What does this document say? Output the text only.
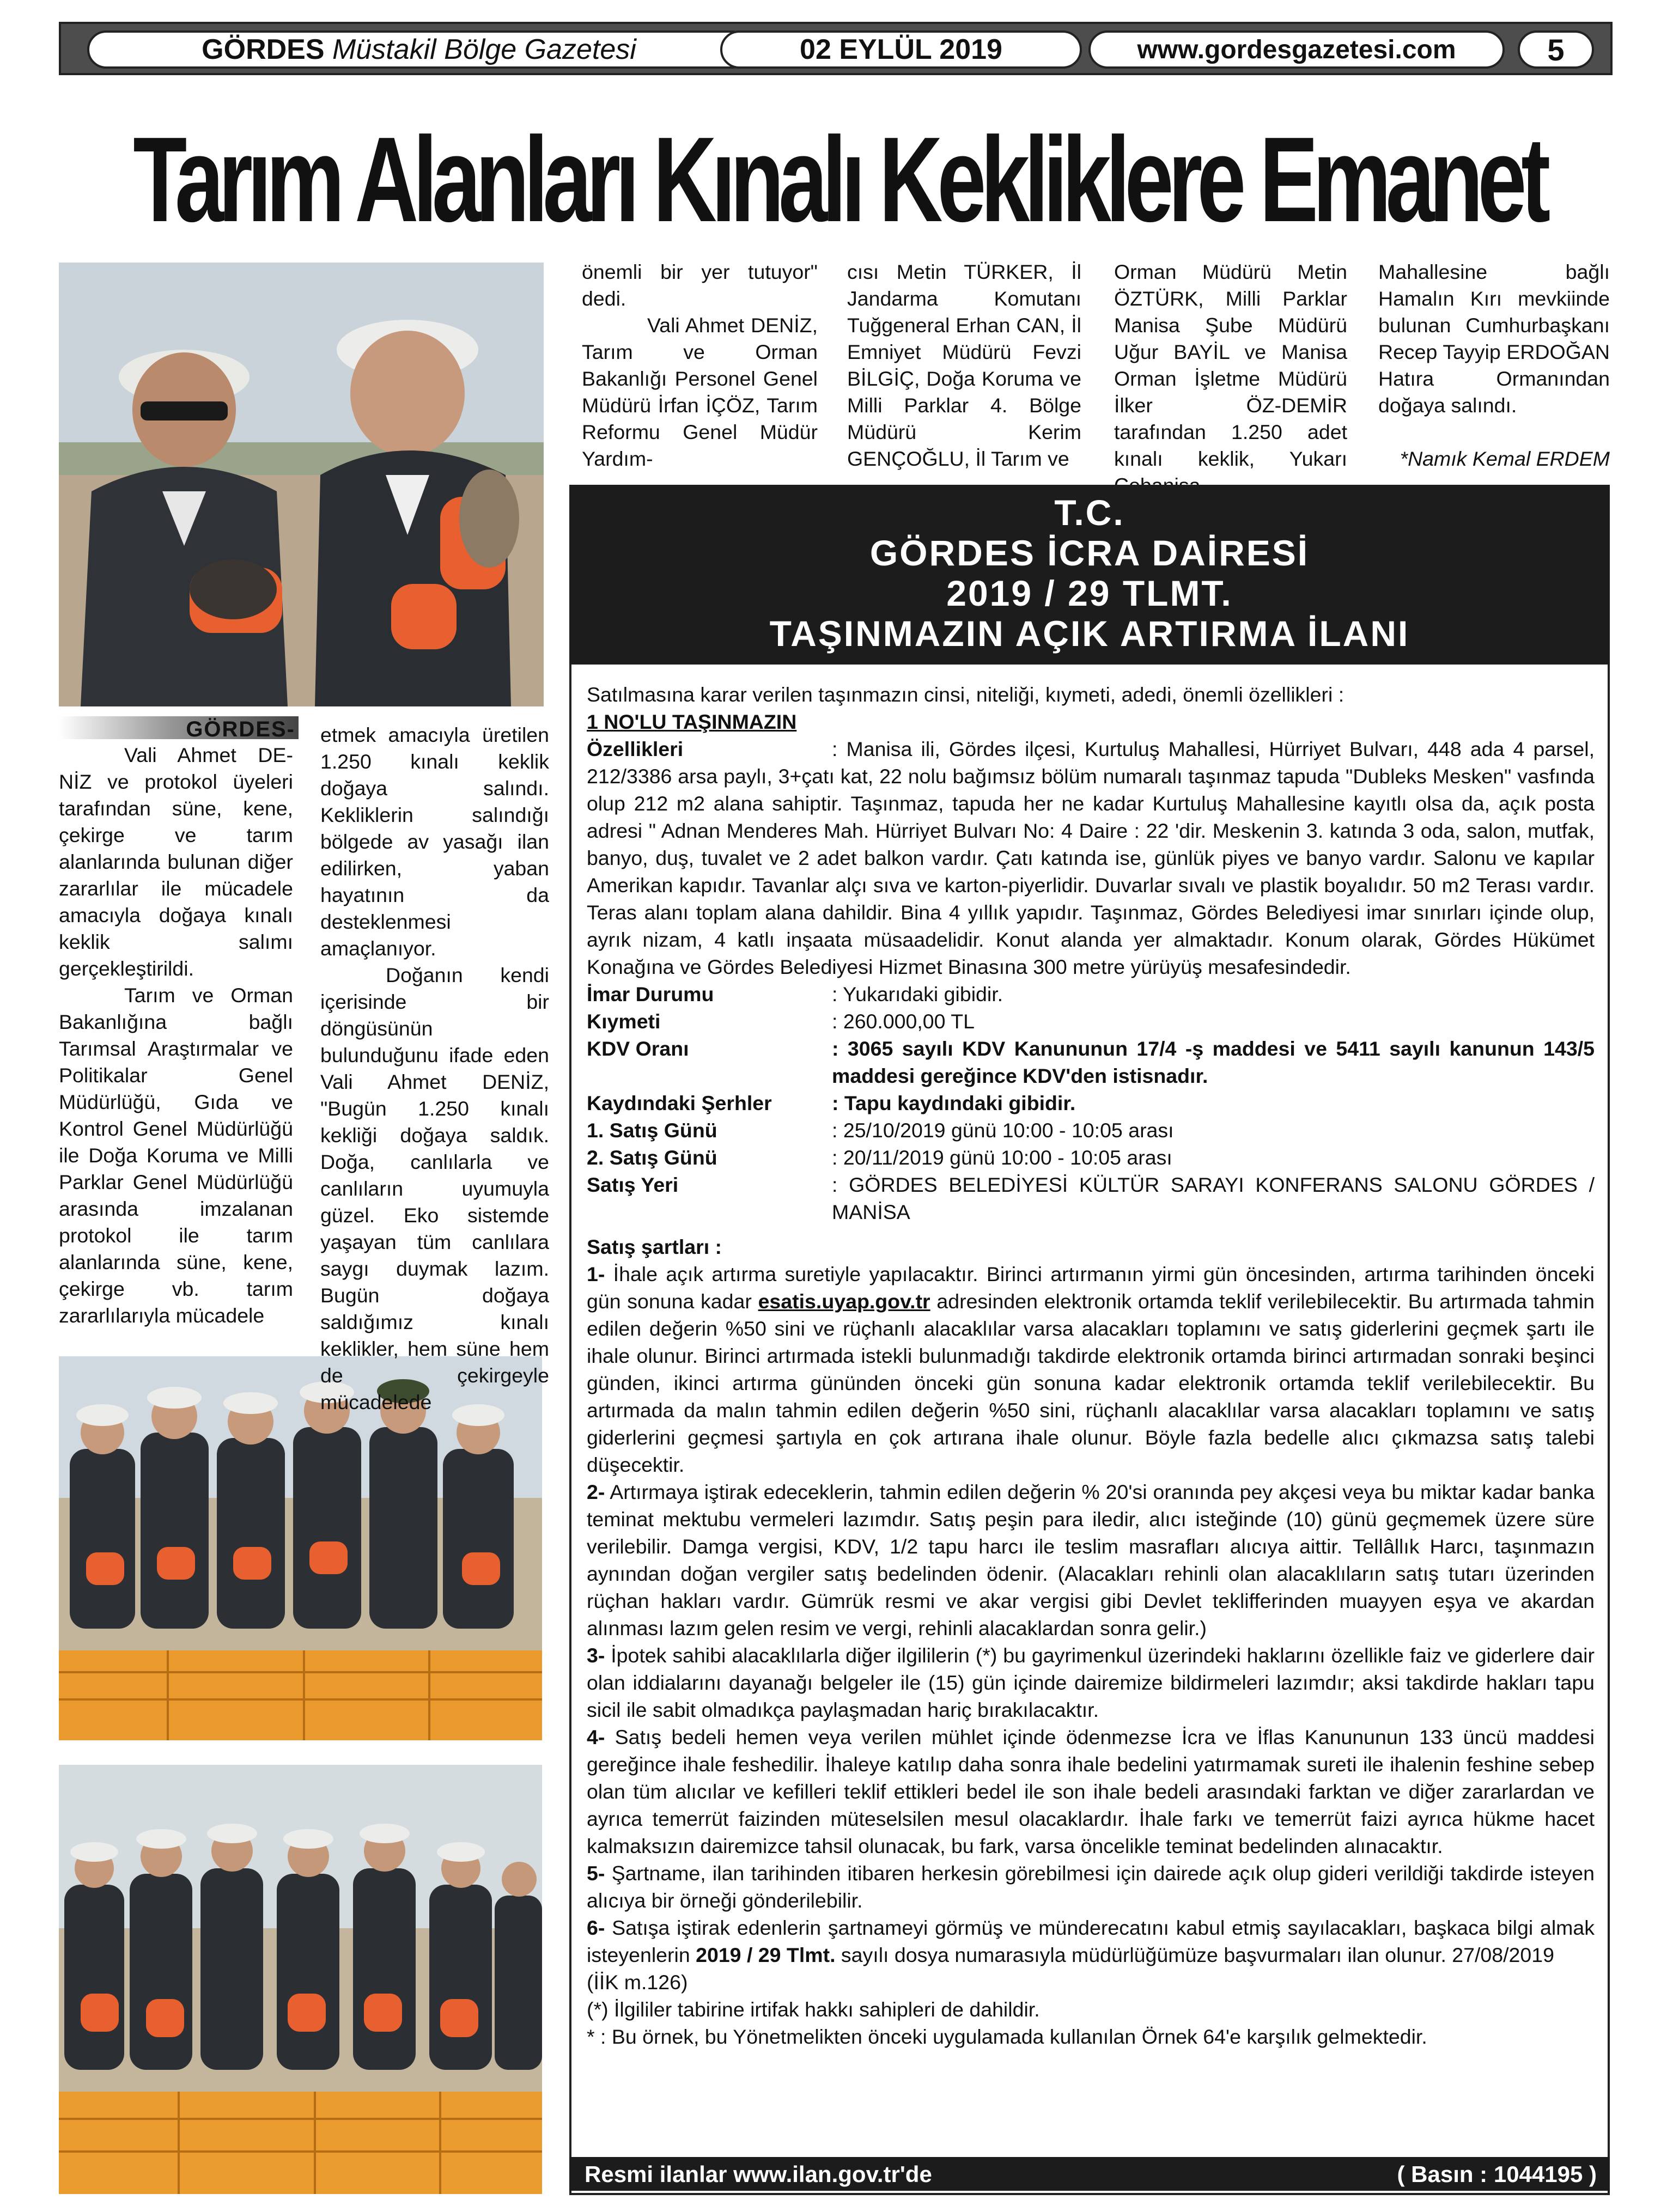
GÖRDES
Müstakil Bölge Gazetesi	02 EYLÜL 2019	www.gordesgazetesi.com	5
Tarım Alanları Kınalı Kekliklere Emanet
GÖRDES-

Vali Ahmet DE-NİZ ve protokol üyeleri tarafından süne, kene, çekirge ve tarım alanlarında bulunan diğer zararlılar ile mücadele amacıyla doğaya kınalı keklik salımı gerçekleştirildi.

Tarım ve Orman Bakanlığına bağlı Tarımsal Araştırmalar ve Politikalar Genel Müdürlüğü, Gıda ve Kontrol Genel Müdürlüğü ile Doğa Koruma ve Milli Parklar Genel Müdürlüğü arasında imzalanan protokol ile tarım alanlarında süne, kene, çekirge vb. tarım zararlılarıyla mücadele

etmek amacıyla üretilen 1.250 kınalı keklik doğaya salındı. Kekliklerin salındığı bölgede av yasağı ilan edilirken, yaban hayatının da desteklenmesi amaçlanıyor.

Doğanın kendi içerisinde bir döngüsünün bulunduğunu ifade eden Vali Ahmet DENİZ, "Bugün 1.250 kınalı kekliği doğaya saldık. Doğa, canlılarla ve canlıların uyumuyla güzel. Eko sistemde yaşayan tüm canlılara saygı duymak lazım. Bugün doğaya saldığımız kınalı keklikler, hem süne hem de çekirgeyle mücadelede

önemli bir yer tutuyor" dedi.

Vali Ahmet DENİZ, Tarım ve Orman Bakanlığı Personel Genel Müdürü İrfan İÇÖZ, Tarım Reformu Genel Müdür Yardım-

cısı Metin TÜRKER, İl Jandarma Komutanı Tuğgeneral Erhan CAN, İl Emniyet Müdürü Fevzi BİLGİÇ, Doğa Koruma ve Milli Parklar 4. Bölge Müdürü Kerim GENÇOĞLU, İl Tarım ve

Orman Müdürü Metin ÖZTÜRK, Milli Parklar Manisa Şube Müdürü Uğur BAYİL ve Manisa Orman İşletme Müdürü İlker ÖZ-DEMİR tarafından 1.250 adet kınalı keklik, Yukarı

Mahallesine bağlı Hamalın Kırı mevkiinde bulunan Cumhurbaşkanı Recep Tayyip ERDOĞAN Hatıra Ormanından doğaya salındı.

*Namık Kemal ERDEM

T.C.
GÖRDES İCRA DAİRESİ
2019 / 29 TLMT.
TAŞINMAZIN AÇIK ARTIRMA İLANI

Satılmasına karar verilen taşınmazın cinsi, niteliği, kıymeti, adedi, önemli özellikleri :

1 NO'LU TAŞINMAZIN

Özellikleri	: Manisa ili, Gördes ilçesi, Kurtuluş Mahallesi, Hürriyet Bulvarı, 448 ada 4 parsel, 212/3386 arsa paylı, 3+çatı kat, 22 nolu bağımsız bölüm numaralı taşınmaz tapuda "Dubleks Mesken" vasfında olup 212 m2 alana sahiptir. Taşınmaz, tapuda her ne kadar Kurtuluş Mahallesine kayıtlı olsa da, açık posta adresi " Adnan Menderes Mah. Hürriyet Bulvarı No: 4 Daire : 22 'dir. Meskenin 3. katında 3 oda, salon, mutfak, banyo, duş, tuvalet ve 2 adet balkon vardır. Çatı katında ise, günlük piyes ve banyo vardır. Salonu ve kapılar Amerikan kapıdır. Tavanlar alçı sıva ve karton-piyerlidir. Duvarlar sıvalı ve plastik boyalıdır. 50 m2 Terası vardır. Teras alanı toplam alana dahildir. Bina 4 yıllık yapıdır. Taşınmaz, Gördes Belediyesi imar sınırları içinde olup, ayrık nizam, 4 katlı inşaata müsaadelidir. Konut alanda yer almaktadır. Konum olarak, Gördes Hükümet Konağına ve Gördes Belediyesi Hizmet Binasına 300 metre yürüyüş mesafesindedir.

İmar Durumu	: Yukarıdaki gibidir.
Kıymeti	: 260.000,00 TL
KDV Oranı	: 3065 sayılı KDV Kanununun 17/4 -ş maddesi ve 5411 sayılı kanunun 143/5 maddesi gereğince KDV'den istisnadır.
Kaydındaki Şerhler	: Tapu kaydındaki gibidir.
1. Satış Günü	: 25/10/2019 günü 10:00 - 10:05 arası
2. Satış Günü	: 20/11/2019 günü 10:00 - 10:05 arası
Satış Yeri	: GÖRDES BELEDİYESİ KÜLTÜR SARAYI KONFERANS SALONU GÖRDES / MANİSA

Satış şartları :

1- İhale açık artırma suretiyle yapılacaktır. Birinci artırmanın yirmi gün öncesinden, artırma tarihinden önceki gün sonuna kadar esatis.uyap.gov.tr adresinden elektronik ortamda teklif verilebilecektir. Bu artırmada tahmin edilen değerin %50 sini ve rüçhanlı alacaklılar varsa alacakları toplamını ve satış giderlerini geçmek şartı ile ihale olunur. Birinci artırmada istekli bulunmadığı takdirde elektronik ortamda birinci artırmadan sonraki beşinci günden, ikinci artırma gününden önceki gün sonuna kadar elektronik ortamda teklif verilebilecektir. Bu artırmada da malın tahmin edilen değerin %50 sini, rüçhanlı alacaklılar varsa alacakları toplamını ve satış giderlerini geçmesi şartıyla en çok artırana ihale olunur. Böyle fazla bedelle alıcı çıkmazsa satış talebi düşecektir.

2- Artırmaya iştirak edeceklerin, tahmin edilen değerin % 20'si oranında pey akçesi veya bu miktar kadar banka teminat mektubu vermeleri lazımdır. Satış peşin para iledir, alıcı isteğinde (10) günü geçmemek üzere süre verilebilir. Damga vergisi, KDV, 1/2 tapu harcı ile teslim masrafları alıcıya aittir. Tellâllık Harcı, taşınmazın aynından doğan vergiler satış bedelinden ödenir. (Alacakları rehinli olan alacaklıların satış tutarı üzerinden rüçhan hakları vardır. Gümrük resmi ve akar vergisi gibi Devlet teklifferinden muayyen eşya ve akardan alınması lazım gelen resim ve vergi, rehinli alacaklardan sonra gelir.)

3- İpotek sahibi alacaklılarla diğer ilgililerin (*) bu gayrimenkul üzerindeki haklarını özellikle faiz ve giderlere dair olan iddialarını dayanağı belgeler ile (15) gün içinde dairemize bildirmeleri lazımdır; aksi takdirde hakları tapu sicil ile sabit olmadıkça paylaşmadan hariç bırakılacaktır.

4- Satış bedeli hemen veya verilen mühlet içinde ödenmezse İcra ve İflas Kanununun 133 üncü maddesi gereğince ihale feshedilir. İhaleye katılıp daha sonra ihale bedelini yatırmamak sureti ile ihalenin feshine sebep olan tüm alıcılar ve kefilleri teklif ettikleri bedel ile son ihale bedeli arasındaki farktan ve diğer zararlardan ve ayrıca temerrüt faizinden müteselsilen mesul olacaklardır. İhale farkı ve temerrüt faizi ayrıca hükme hacet kalmaksızın dairemizce tahsil olunacak, bu fark, varsa öncelikle teminat bedelinden alınacaktır.

5- Şartname, ilan tarihinden itibaren herkesin görebilmesi için dairede açık olup gideri verildiği takdirde isteyen alıcıya bir örneği gönderilebilir.

6- Satışa iştirak edenlerin şartnameyi görmüş ve münderecatını kabul etmiş sayılacakları, başkaca bilgi almak isteyenlerin 2019 / 29 Tlmt. sayılı dosya numarasıyla müdürlüğümüze başvurmaları ilan olunur. 27/08/2019

(İİK m.126)

(*) İlgililer tabirine irtifak hakkı sahipleri de dahildir.

* : Bu örnek, bu Yönetmelikten önceki uygulamada kullanılan Örnek 64'e karşılık gelmektedir.

Resmi ilanlar www.ilan.gov.tr'de	( Basın : 1044195 )
